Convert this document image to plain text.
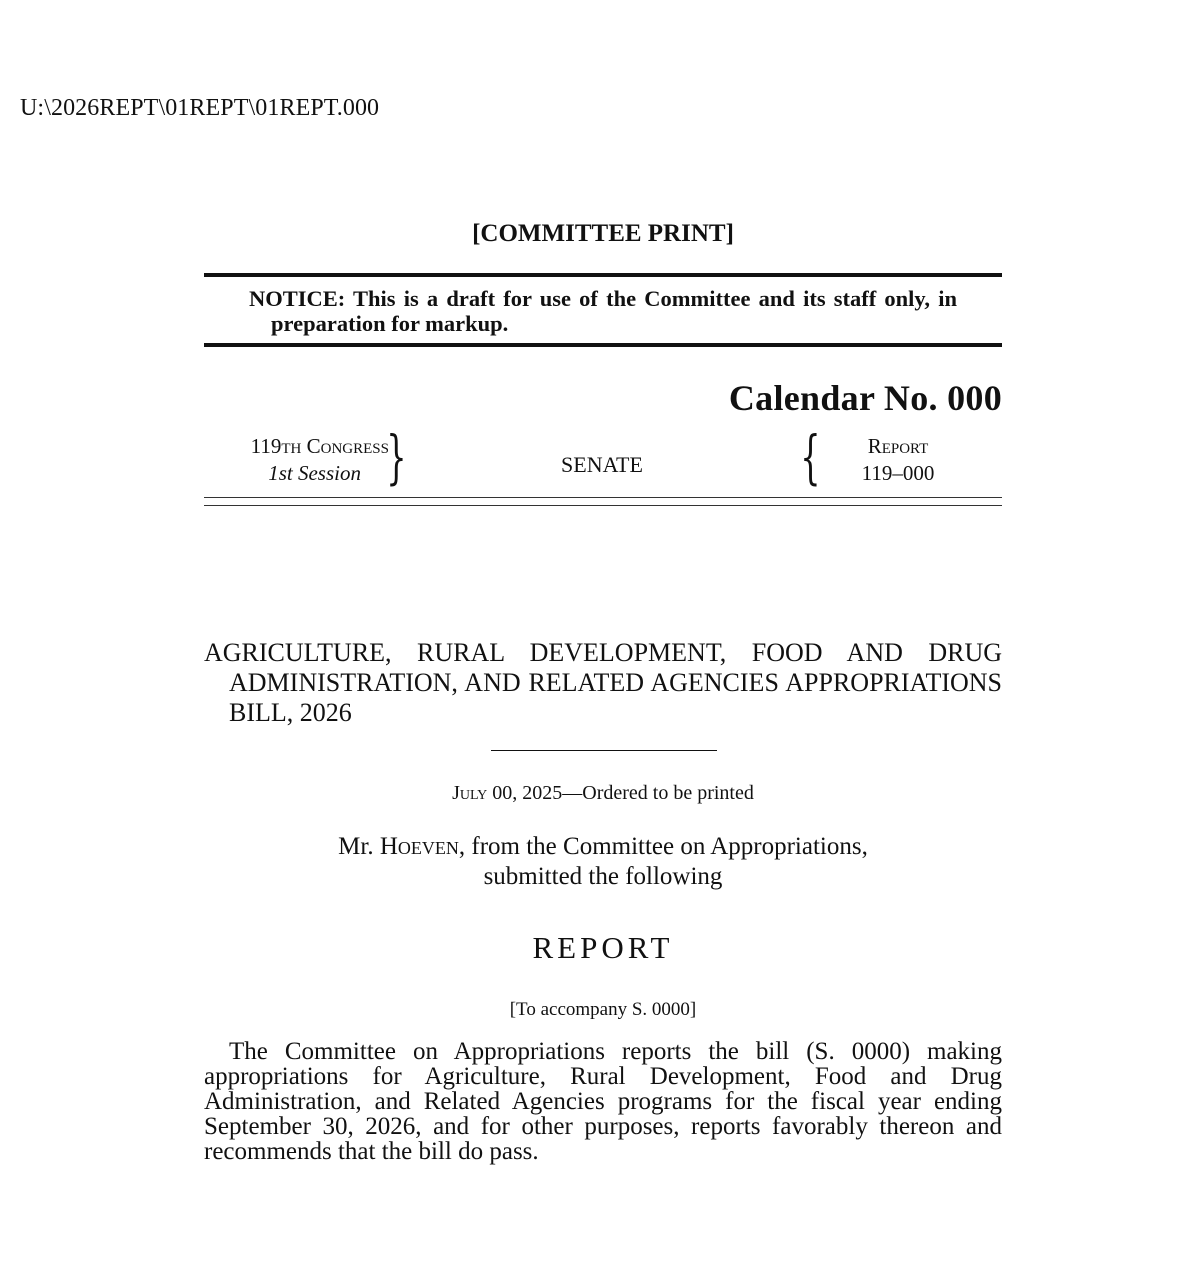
U:\2026REPT\01REPT\01REPT.000
[COMMITTEE PRINT]
NOTICE: This is a draft for use of the Committee and its staff only, in preparation for markup.
Calendar No. 000
119th Congress
1st Session }	SENATE	{	Report
119–000
AGRICULTURE, RURAL DEVELOPMENT, FOOD AND DRUG ADMINISTRATION, AND RELATED AGENCIES APPROPRIATIONS BILL, 2026
July 00, 2025—Ordered to be printed
Mr. Hoeven, from the Committee on Appropriations,
submitted the following
REPORT
[To accompany S. 0000]

The Committee on Appropriations reports the bill (S. 0000) making appropriations for Agriculture, Rural Development, Food and Drug Administration, and Related Agencies programs for the fiscal year ending September 30, 2026, and for other purposes, reports favorably thereon and recommends that the bill do pass.
